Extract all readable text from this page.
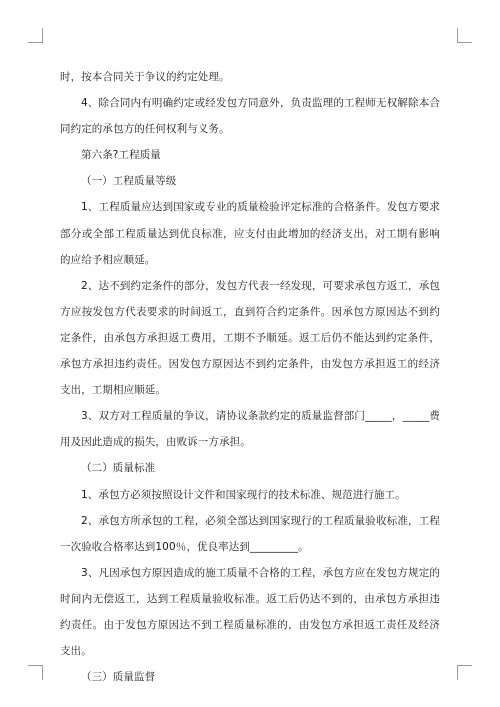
时，按本合同关于争议的约定处理。

4、除合同内有明确约定或经发包方同意外，负责监理的工程师无权解除本合同约定的承包方的任何权利与义务。

第六条?工程质量

（一）工程质量等级

1、工程质量应达到国家或专业的质量检验评定标准的合格条件。发包方要求部分或全部工程质量达到优良标准，应支付由此增加的经济支出，对工期有影响的应给予相应顺延。

2、达不到约定条件的部分，发包方代表一经发现，可要求承包方返工，承包方应按发包方代表要求的时间返工，直到符合约定条件。因承包方原因达不到约定条件，由承包方承担返工费用，工期不予顺延。返工后仍不能达到约定条件，承包方承担违约责任。因发包方原因达不到约定条件，由发包方承担返工的经济支出，工期相应顺延。

3、双方对工程质量的争议，请协议条款约定的质量监督部门_____，_____费用及因此造成的损失，由败诉一方承担。

（二）质量标准

1、承包方必须按照设计文件和国家现行的技术标准、规范进行施工。

2、承包方所承包的工程，必须全部达到国家现行的工程质量验收标准，工程一次验收合格率达到100％，优良率达到_________。

3、凡因承包方原因造成的施工质量不合格的工程，承包方应在发包方规定的时间内无偿返工，达到工程质量验收标准。返工后仍达不到的，由承包方承担违约责任。由于发包方原因达不到工程质量标准的，由发包方承担返工责任及经济支出。

（三）质量监督
